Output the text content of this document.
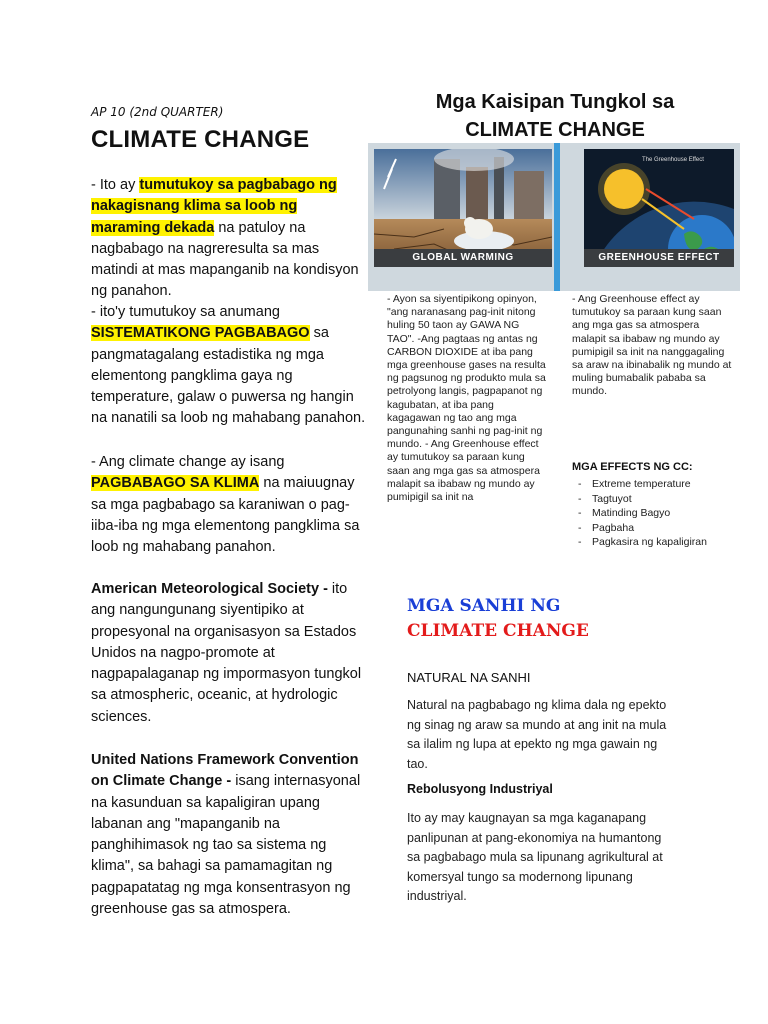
AP 10 (2nd QUARTER)
CLIMATE CHANGE

- Ito ay tumutukoy sa pagbabago ng nakagisnang klima sa loob ng maraming dekada na patuloy na nagbabago na nagreresulta sa mas matindi at mas mapanganib na kondisyon ng panahon.

- ito'y tumutukoy sa anumang SISTEMATIKONG PAGBABAGO sa pangmatagalang estadistika ng mga elementong pangklima gaya ng temperature, galaw o puwersa ng hangin na nanatili sa loob ng mahabang panahon.

- Ang climate change ay isang PAGBABAGO SA KLIMA na maiuugnay sa mga pagbabago sa karaniwan o pag-iiba-iba ng mga elementong pangklima sa loob ng mahabang panahon.

American Meteorological Society - ito ang nangungunang siyentipiko at propesyonal na organisasyon sa Estados Unidos na nagpo-promote at nagpapalaganap ng impormasyon tungkol sa atmospheric, oceanic, at hydrologic sciences.

United Nations Framework Convention on Climate Change - isang internasyonal na kasunduan sa kapaligiran upang labanan ang "mapanganib na panghihimasok ng tao sa sistema ng klima", sa bahagi sa pamamagitan ng pagpapatatag ng mga konsentrasyon ng greenhouse gas sa atmospera.

Mga Kaisipan Tungkol sa
CLIMATE CHANGE
GLOBAL WARMING
The Greenhouse Effect
GREENHOUSE EFFECT

- Ayon sa siyentipikong opinyon, "ang naranasang pag-init nitong huling 50 taon ay GAWA NG TAO". -Ang pagtaas ng antas ng CARBON DIOXIDE at iba pang mga greenhouse gases na resulta ng pagsunog ng produkto mula sa petrolyong langis, pagpapanot ng kagubatan, at iba pang kagagawan ng tao ang mga pangunahing sanhi ng pag-init ng mundo. - Ang Greenhouse effect ay tumutukoy sa paraan kung saan ang mga gas sa atmospera malapit sa ibabaw ng mundo ay pumipigil sa init na

- Ang Greenhouse effect ay tumutukoy sa paraan kung saan ang mga gas sa atmospera malapit sa ibabaw ng mundo ay pumipigil sa init na nanggagaling sa araw na ibinabalik ng mundo at muling bumabalik pababa sa mundo.

MGA EFFECTS NG CC:
-	Extreme temperature
-	Tagtuyot
-	Matinding Bagyo
-	Pagbaha
-	Pagkasira ng kapaligiran
MGA SANHI NG
CLIMATE CHANGE
NATURAL NA SANHI

Natural na pagbabago ng klima dala ng epekto ng sinag ng araw sa mundo at ang init na mula sa ilalim ng lupa at epekto ng mga gawain ng tao.

Rebolusyong Industriyal

Ito ay may kaugnayan sa mga kaganapang panlipunan at pang-ekonomiya na humantong sa pagbabago mula sa lipunang agrikultural at komersyal tungo sa modernong lipunang industriyal.
